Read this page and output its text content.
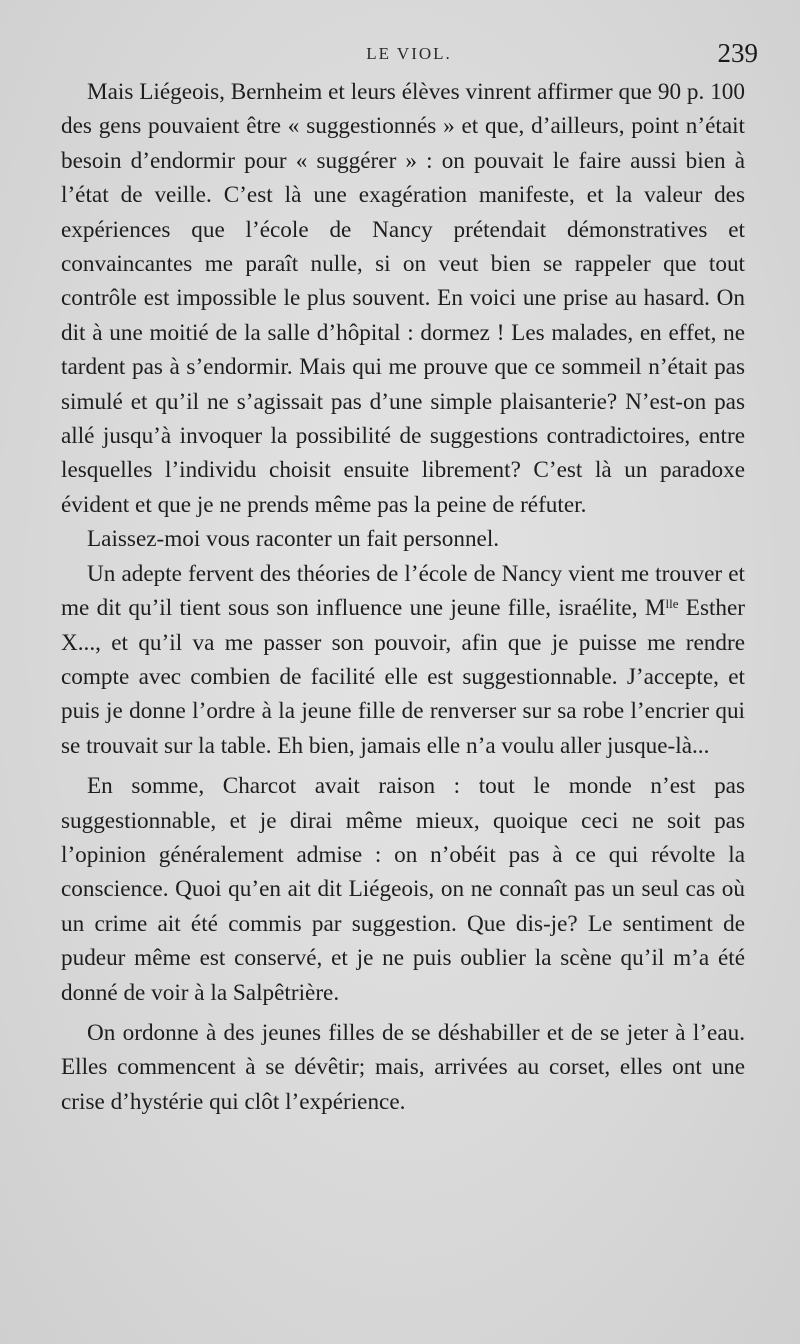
LE VIOL.	239

Mais Liégeois, Bernheim et leurs élèves vinrent affirmer que 90 p. 100 des gens pouvaient être « suggestionnés » et que, d’ailleurs, point n’était besoin d’endormir pour « suggérer » : on pouvait le faire aussi bien à l’état de veille. C’est là une exagération manifeste, et la valeur des expériences que l’école de Nancy prétendait démonstratives et convaincantes me paraît nulle, si on veut bien se rappeler que tout contrôle est impossible le plus souvent. En voici une prise au hasard. On dit à une moitié de la salle d’hôpital : dormez ! Les malades, en effet, ne tardent pas à s’endormir. Mais qui me prouve que ce sommeil n’était pas simulé et qu’il ne s’agissait pas d’une simple plaisanterie? N’est-on pas allé jusqu’à invoquer la possibilité de suggestions contradictoires, entre lesquelles l’individu choisit ensuite librement? C’est là un paradoxe évident et que je ne prends même pas la peine de réfuter.

Laissez-moi vous raconter un fait personnel.

Un adepte fervent des théories de l’école de Nancy vient me trouver et me dit qu’il tient sous son influence une jeune fille, israélite, $M^{lle}$ Esther X..., et qu’il va me passer son pouvoir, afin que je puisse me rendre compte avec combien de facilité elle est suggestionnable. J’accepte, et puis je donne l’ordre à la jeune fille de renverser sur sa robe l’encrier qui se trouvait sur la table. Eh bien, jamais elle n’a voulu aller jusque-là...

En somme, Charcot avait raison : tout le monde n’est pas suggestionnable, et je dirai même mieux, quoique ceci ne soit pas l’opinion généralement admise : on n’obéit pas à ce qui révolte la conscience. Quoi qu’en ait dit Liégeois, on ne connaît pas un seul cas où un crime ait été commis par suggestion. Que dis-je? Le sentiment de pudeur même est conservé, et je ne puis oublier la scène qu’il m’a été donné de voir à la Salpêtrière.

On ordonne à des jeunes filles de se déshabiller et de se jeter à l’eau. Elles commencent à se dévêtir; mais, arrivées au corset, elles ont une crise d’hystérie qui clôt l’expérience.
